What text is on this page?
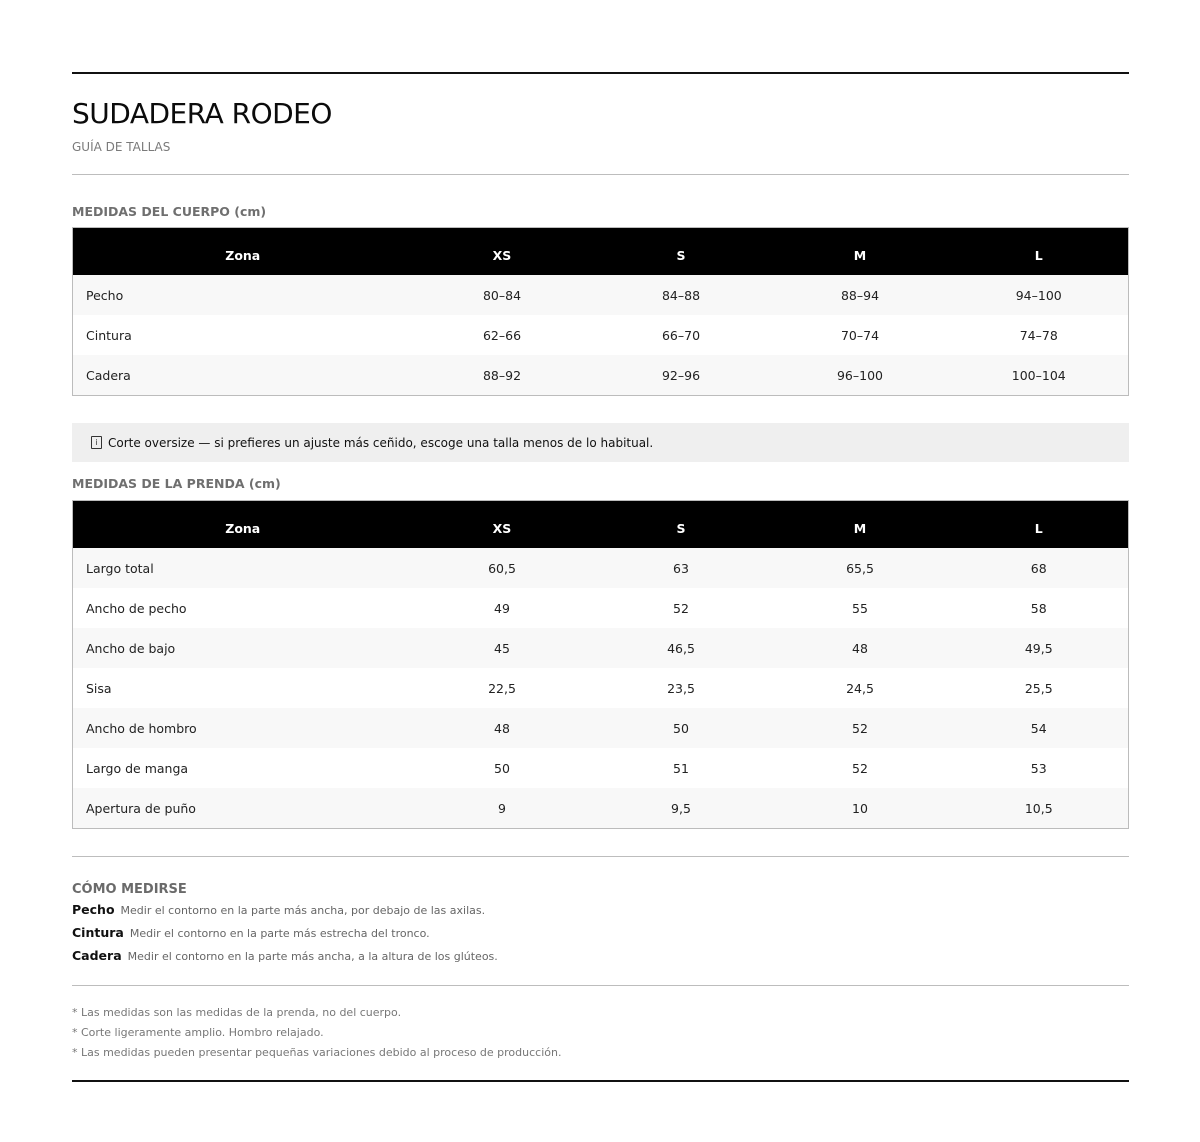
SUDADERA RODEO
GUÍA DE TALLAS
MEDIDAS DEL CUERPO (cm)
Zona	XS	S	M	L
Pecho	80–84	84–88	88–94	94–100
Cintura	62–66	66–70	70–74	74–78
Cadera	88–92	92–96	96–100	100–104
i Corte oversize — si prefieres un ajuste más ceñido, escoge una talla menos de lo habitual.
MEDIDAS DE LA PRENDA (cm)
Zona	XS	S	M	L
Largo total	60,5	63	65,5	68
Ancho de pecho	49	52	55	58
Ancho de bajo	45	46,5	48	49,5
Sisa	22,5	23,5	24,5	25,5
Ancho de hombro	48	50	52	54
Largo de manga	50	51	52	53
Apertura de puño	9	9,5	10	10,5
CÓMO MEDIRSE
Pecho Medir el contorno en la parte más ancha, por debajo de las axilas.
Cintura Medir el contorno en la parte más estrecha del tronco.
Cadera Medir el contorno en la parte más ancha, a la altura de los glúteos.
* Las medidas son las medidas de la prenda, no del cuerpo.
* Corte ligeramente amplio. Hombro relajado.
* Las medidas pueden presentar pequeñas variaciones debido al proceso de producción.
